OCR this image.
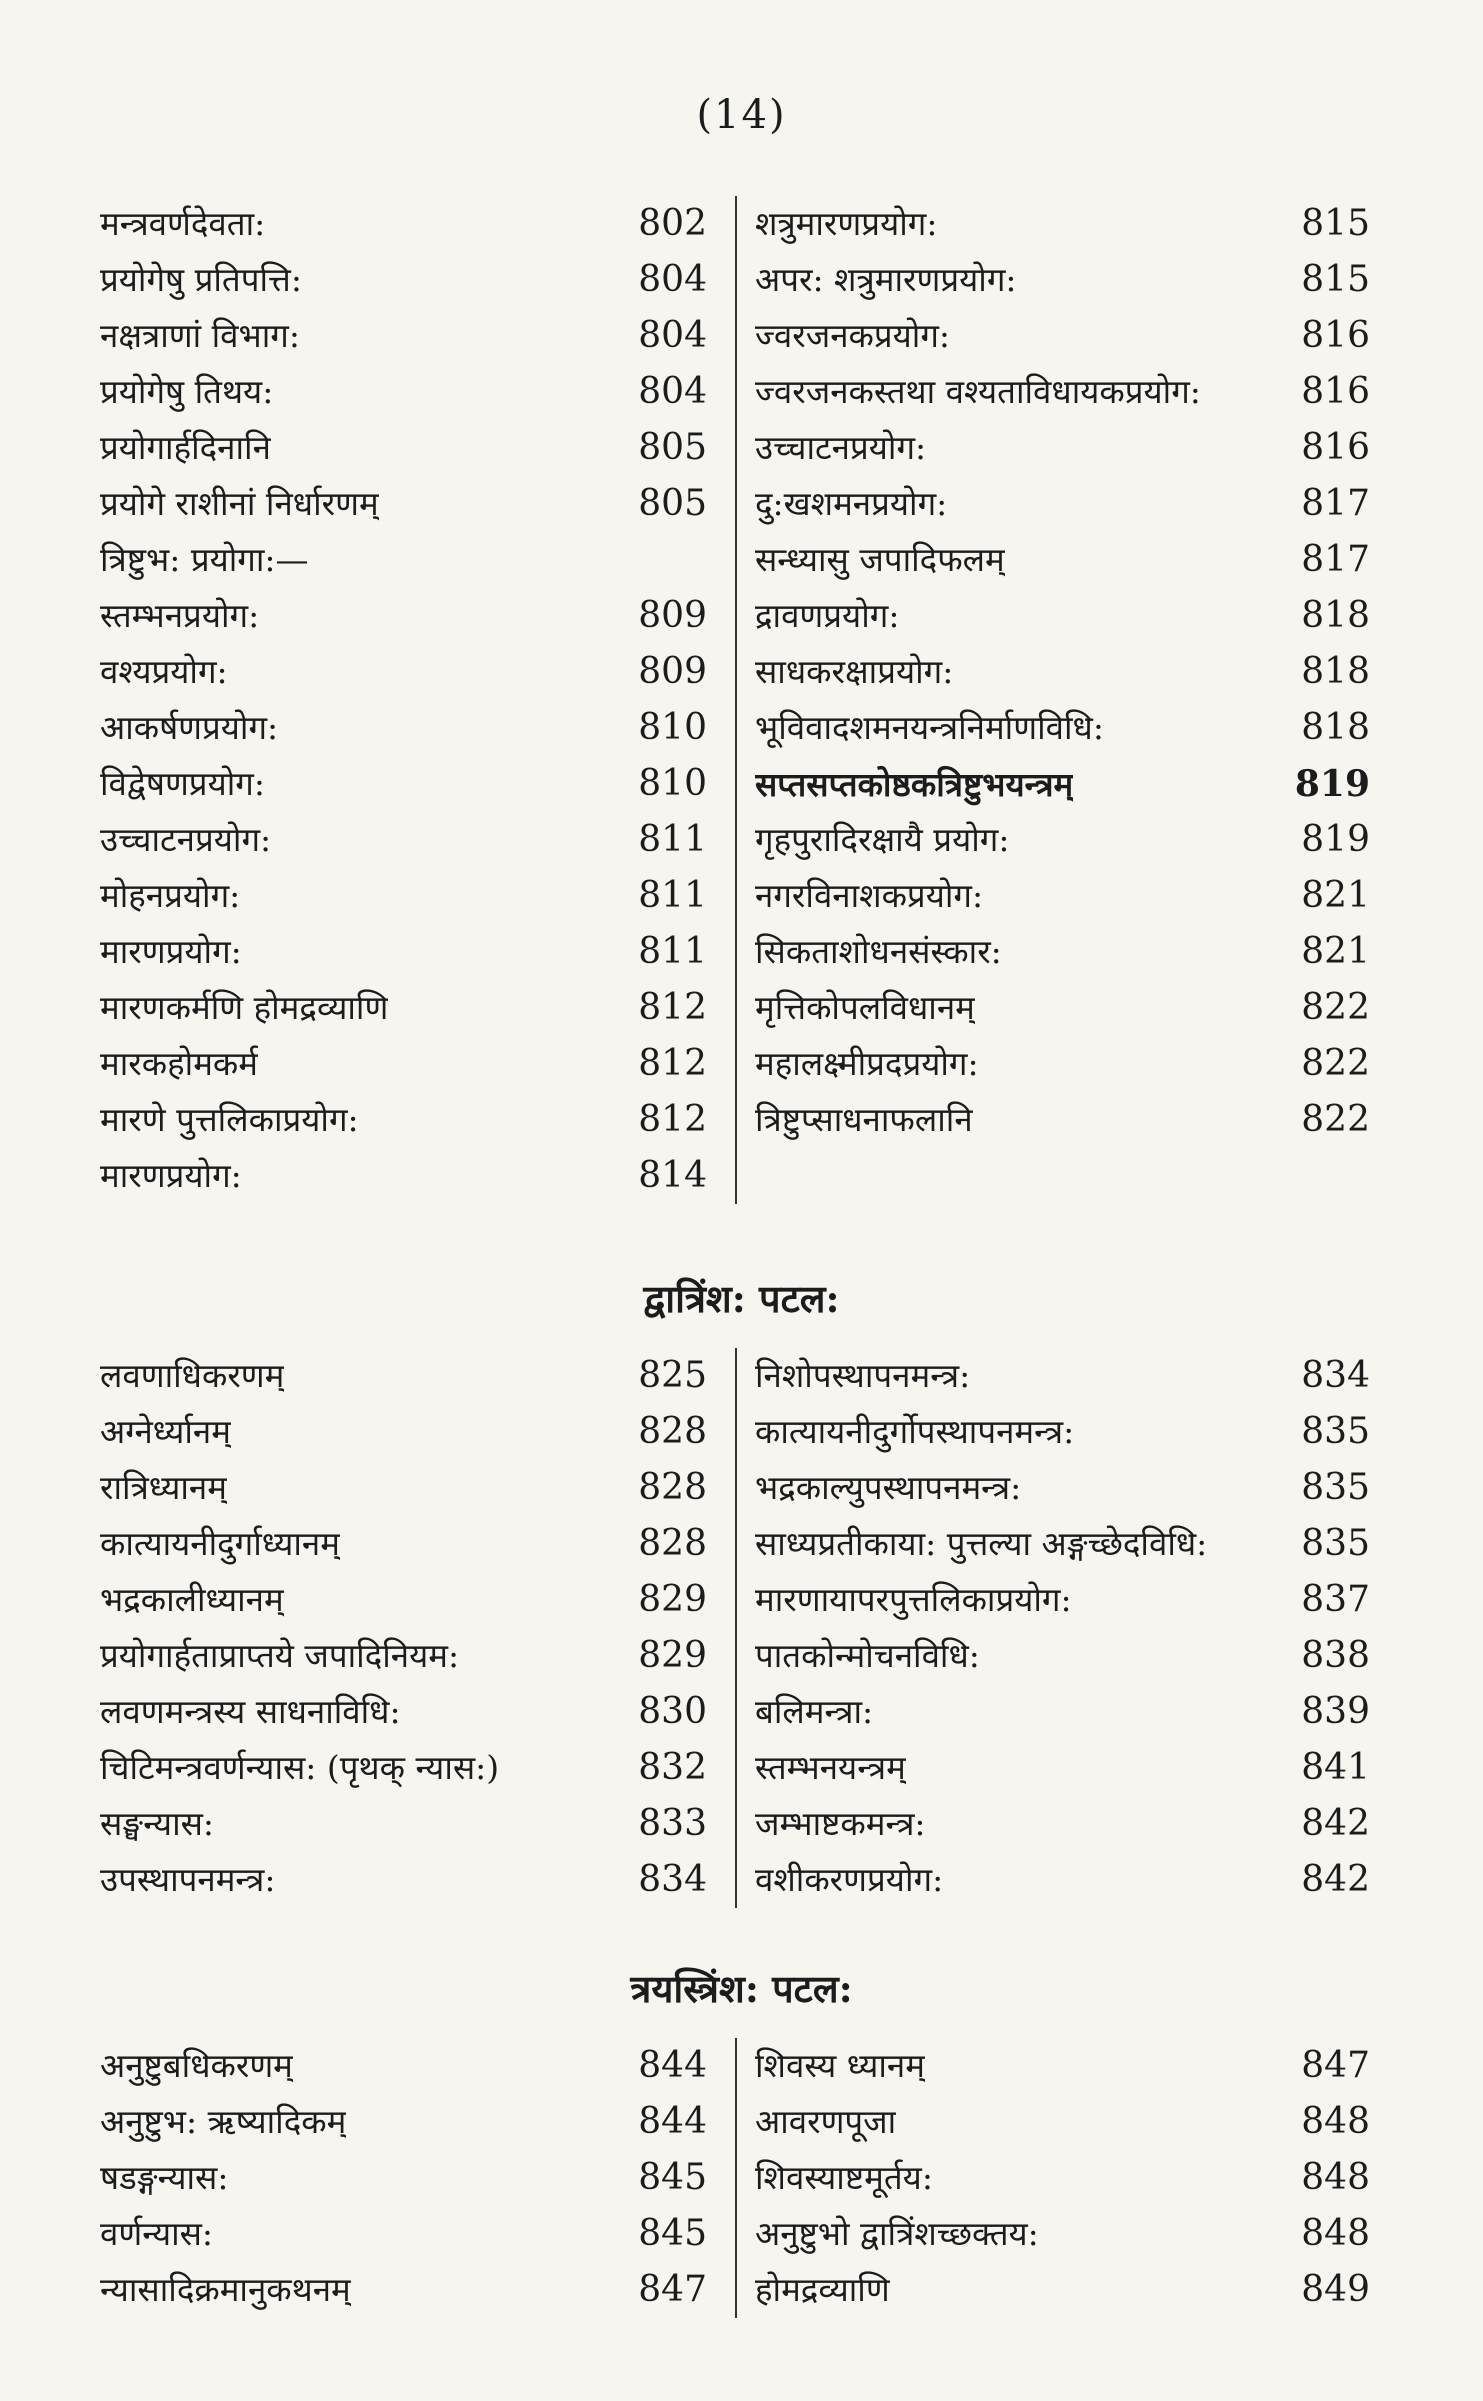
(14)
मन्त्रवर्णदेवता:	802
प्रयोगेषु प्रतिपत्ति:	804
नक्षत्राणां विभाग:	804
प्रयोगेषु तिथय:	804
प्रयोगार्हदिनानि	805
प्रयोगे राशीनां निर्धारणम्	805
त्रिष्टुभ: प्रयोगा:—
स्तम्भनप्रयोग:	809
वश्यप्रयोग:	809
आकर्षणप्रयोग:	810
विद्वेषणप्रयोग:	810
उच्चाटनप्रयोग:	811
मोहनप्रयोग:	811
मारणप्रयोग:	811
मारणकर्मणि होमद्रव्याणि	812
मारकहोमकर्म	812
मारणे पुत्तलिकाप्रयोग:	812
मारणप्रयोग:	814
शत्रुमारणप्रयोग:	815
अपर: शत्रुमारणप्रयोग:	815
ज्वरजनकप्रयोग:	816
ज्वरजनकस्तथा वश्यताविधायकप्रयोग:	816
उच्चाटनप्रयोग:	816
दु:खशमनप्रयोग:	817
सन्ध्यासु जपादिफलम्	817
द्रावणप्रयोग:	818
साधकरक्षाप्रयोग:	818
भूविवादशमनयन्त्रनिर्माणविधि:	818
सप्तसप्तकोष्ठकत्रिष्टुभयन्त्रम्	819
गृहपुरादिरक्षायै प्रयोग:	819
नगरविनाशकप्रयोग:	821
सिकताशोधनसंस्कार:	821
मृत्तिकोपलविधानम्	822
महालक्ष्मीप्रदप्रयोग:	822
त्रिष्टुप्साधनाफलानि	822
द्वात्रिंश: पटल:
लवणाधिकरणम्	825
अग्नेर्ध्यानम्	828
रात्रिध्यानम्	828
कात्यायनीदुर्गाध्यानम्	828
भद्रकालीध्यानम्	829
प्रयोगार्हताप्राप्तये जपादिनियम:	829
लवणमन्त्रस्य साधनाविधि:	830
चिटिमन्त्रवर्णन्यास: (पृथक् न्यास:)	832
सङ्घन्यास:	833
उपस्थापनमन्त्र:	834
निशोपस्थापनमन्त्र:	834
कात्यायनीदुर्गोपस्थापनमन्त्र:	835
भद्रकाल्युपस्थापनमन्त्र:	835
साध्यप्रतीकाया: पुत्तल्या अङ्गच्छेदविधि:	835
मारणायापरपुत्तलिकाप्रयोग:	837
पातकोन्मोचनविधि:	838
बलिमन्त्रा:	839
स्तम्भनयन्त्रम्	841
जम्भाष्टकमन्त्र:	842
वशीकरणप्रयोग:	842
त्रयस्त्रिंश: पटल:
अनुष्टुबधिकरणम्	844
अनुष्टुभ: ऋष्यादिकम्	844
षडङ्गन्यास:	845
वर्णन्यास:	845
न्यासादिक्रमानुकथनम्	847
शिवस्य ध्यानम्	847
आवरणपूजा	848
शिवस्याष्टमूर्तय:	848
अनुष्टुभो द्वात्रिंशच्छक्तय:	848
होमद्रव्याणि	849
